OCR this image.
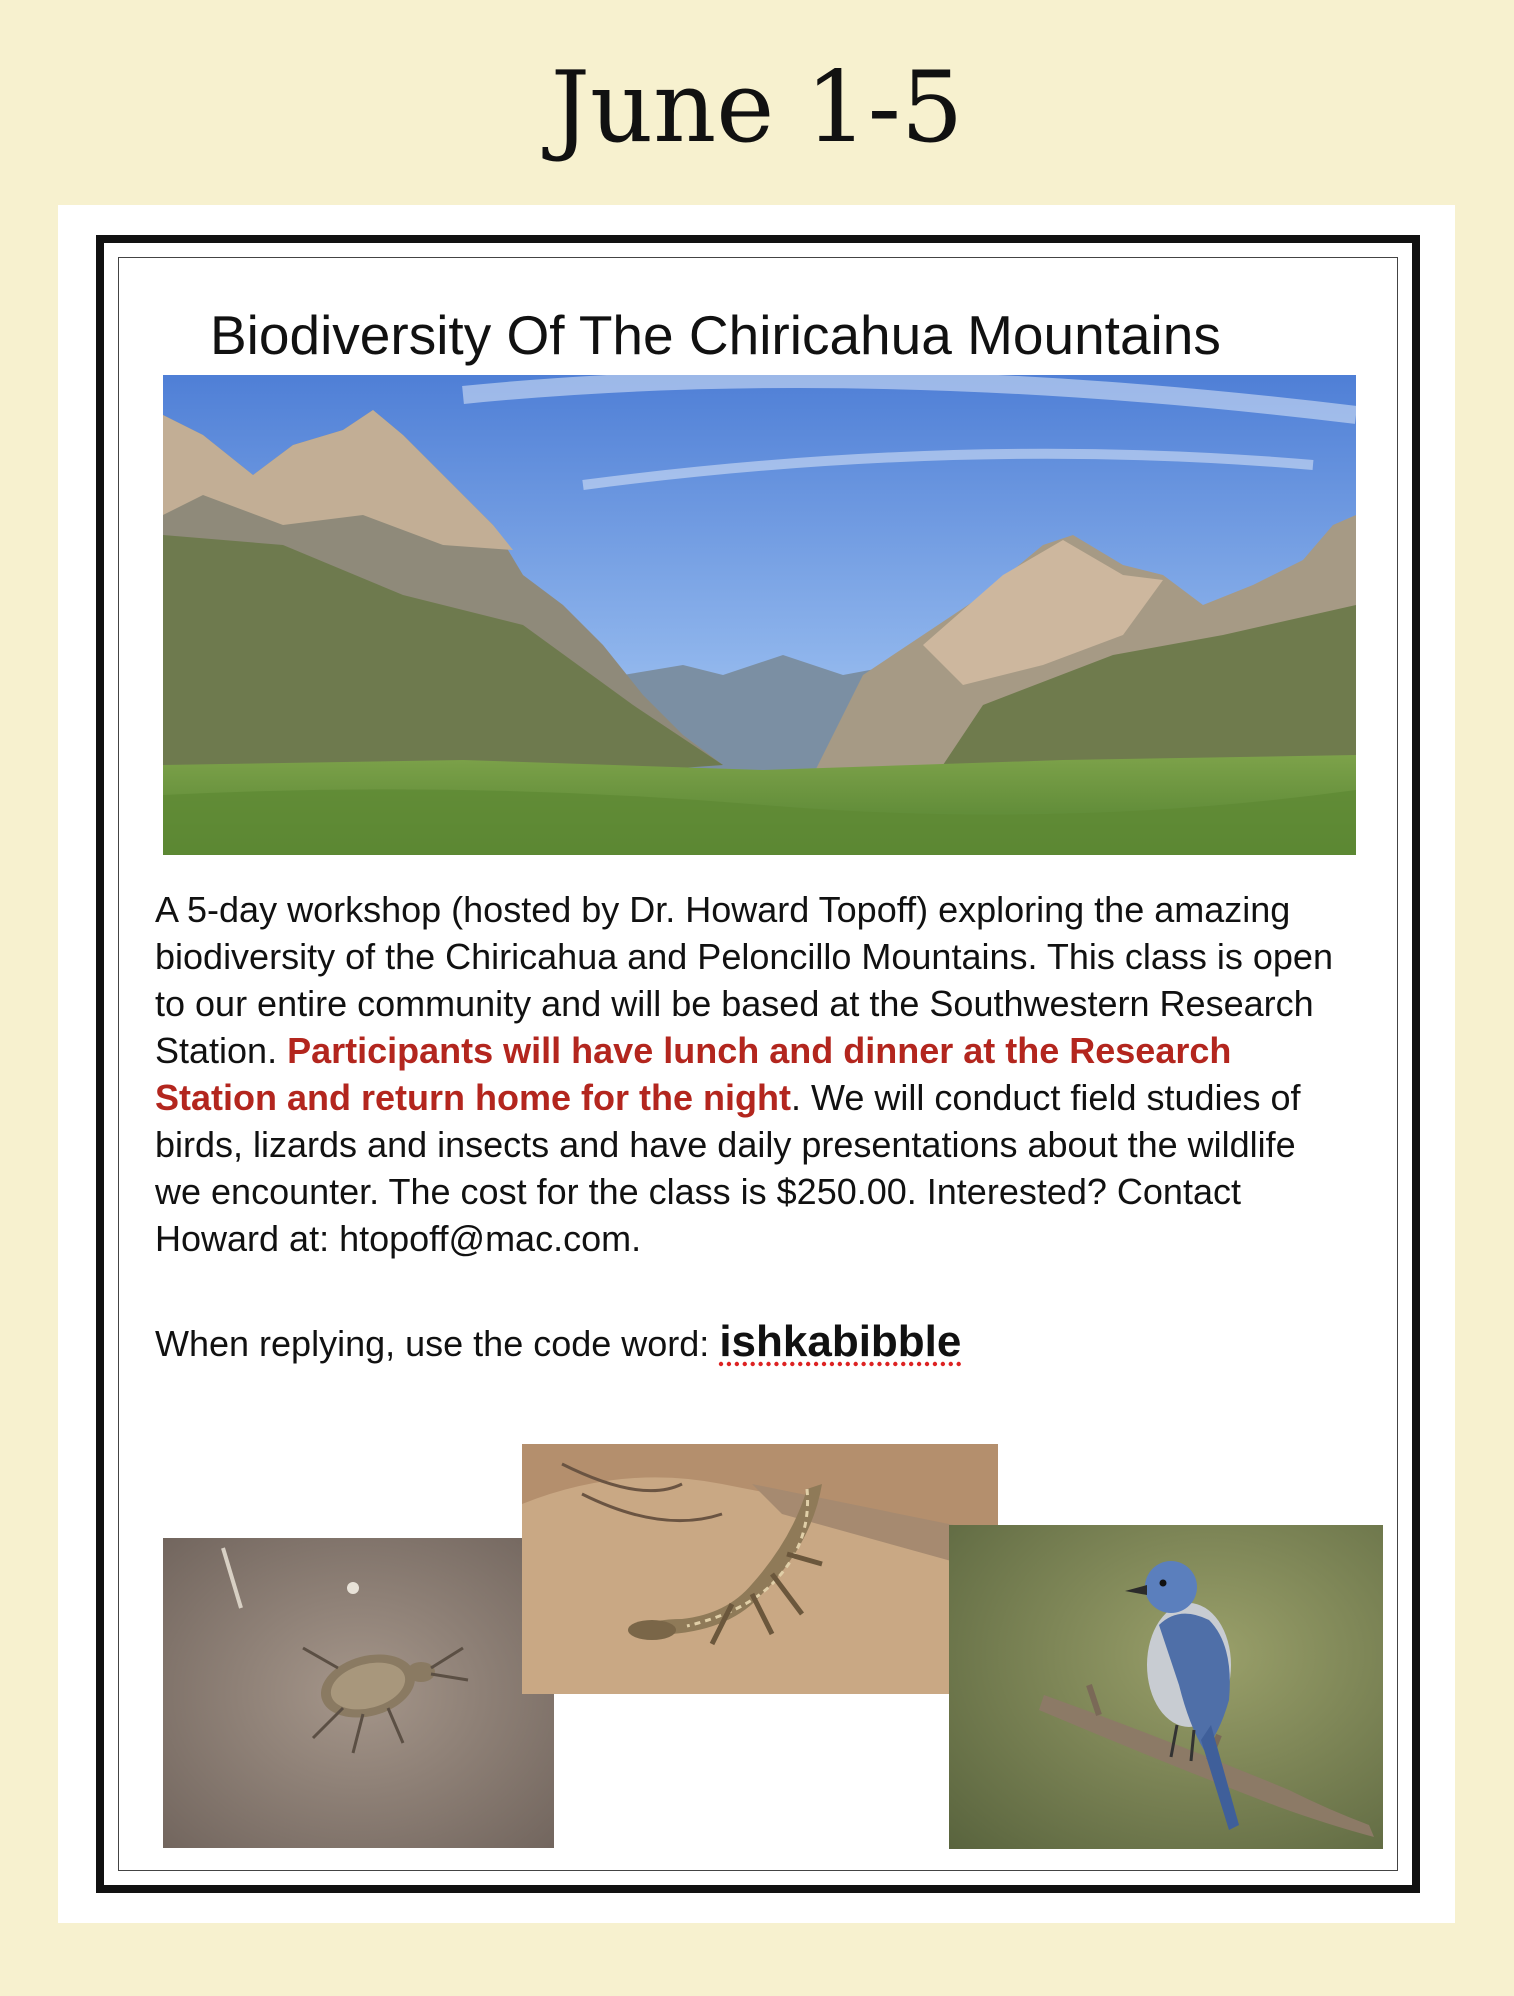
June 1-5
Biodiversity Of The Chiricahua Mountains
A 5-day workshop (hosted by Dr. Howard Topoff) exploring the amazing biodiversity of the Chiricahua and Peloncillo Mountains. This class is open to our entire community and will be based at the Southwestern Research Station. Participants will have lunch and dinner at the Research Station and return home for the night. We will conduct field studies of birds, lizards and insects and have daily presentations about the wildlife we encounter. The cost for the class is $250.00. Interested? Contact Howard at: htopoff@mac.com.
When replying, use the code word: ishkabibble
